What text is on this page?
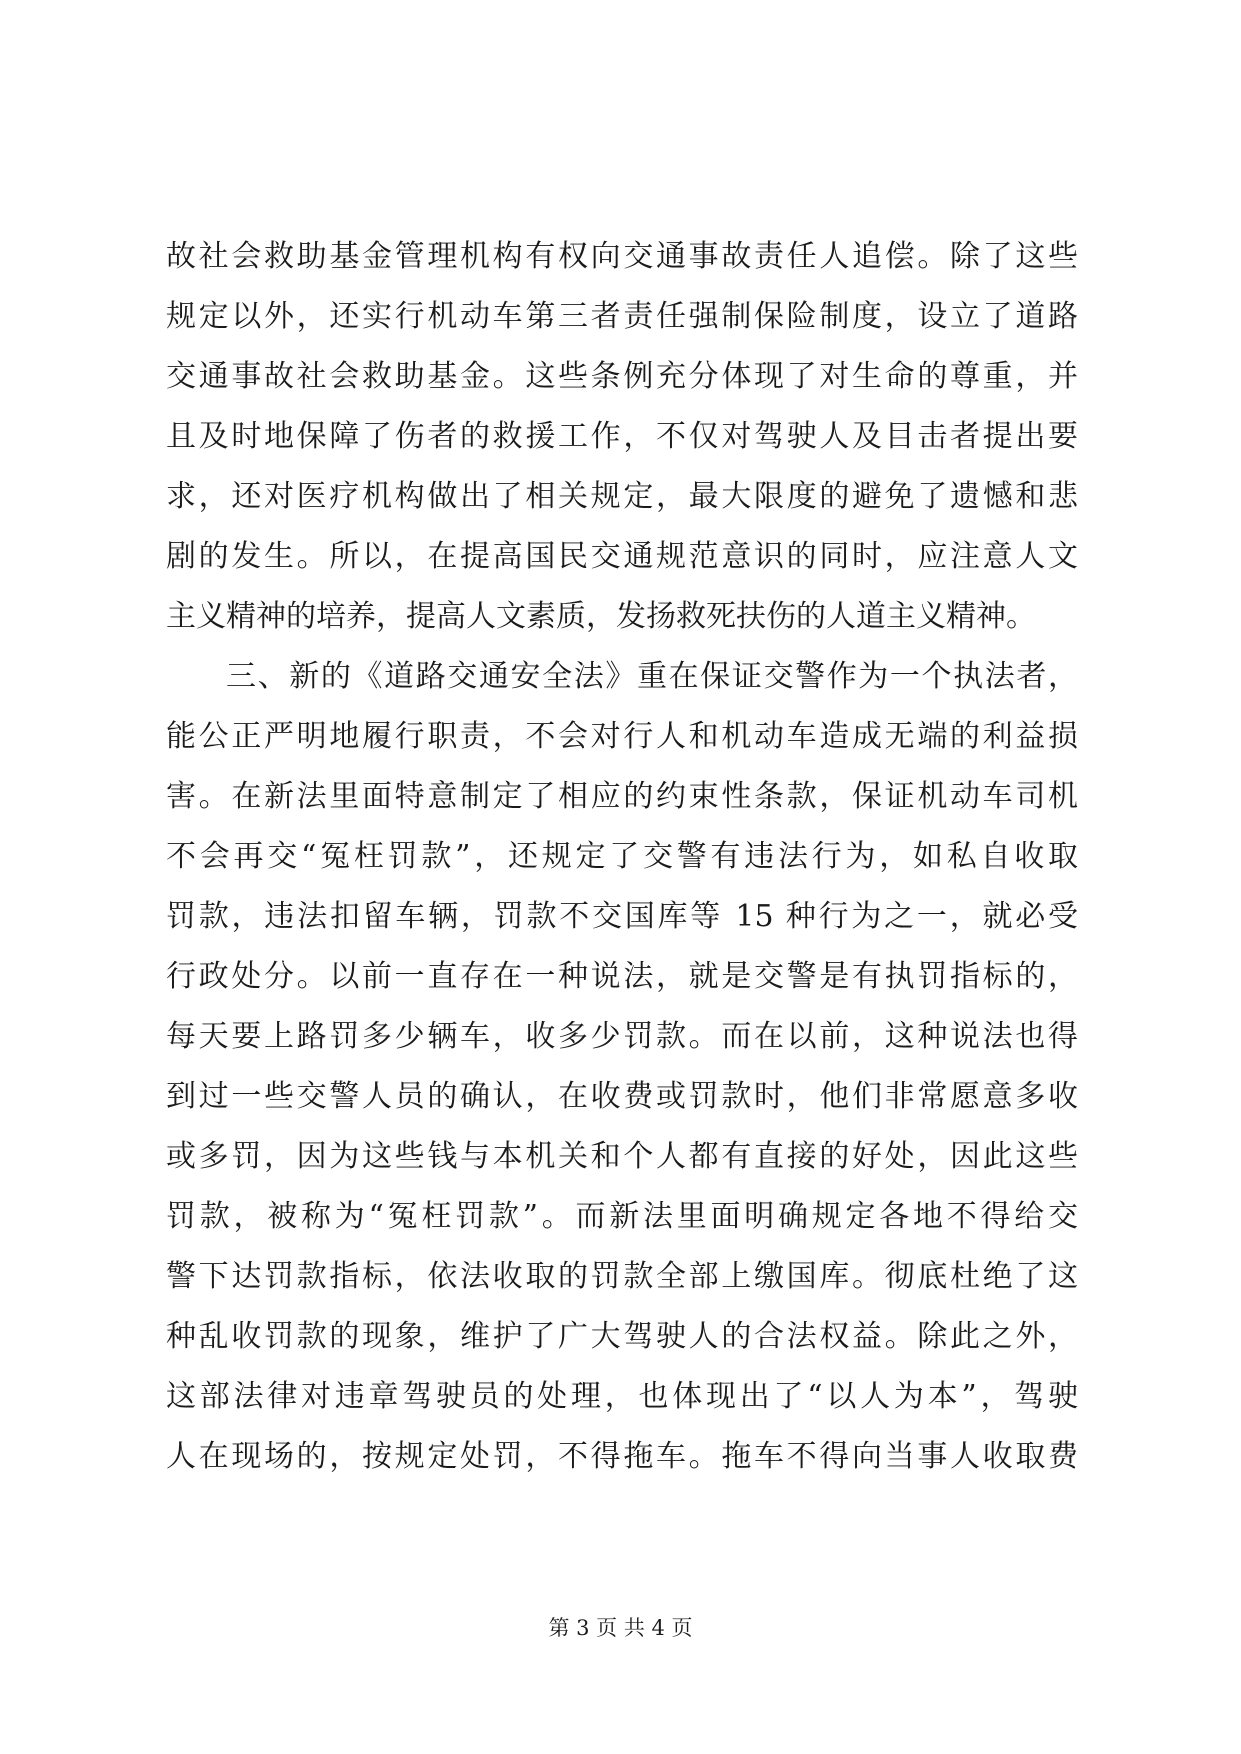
故社会救助基金管理机构有权向交通事故责任人追偿。除了这些
规定以外，还实行机动车第三者责任强制保险制度，设立了道路
交通事故社会救助基金。这些条例充分体现了对生命的尊重，并
且及时地保障了伤者的救援工作，不仅对驾驶人及目击者提出要
求，还对医疗机构做出了相关规定，最大限度的避免了遗憾和悲
剧的发生。所以，在提高国民交通规范意识的同时，应注意人文
主义精神的培养，提高人文素质，发扬救死扶伤的人道主义精神。
三、新的《道路交通安全法》重在保证交警作为一个执法者，
能公正严明地履行职责，不会对行人和机动车造成无端的利益损
害。在新法里面特意制定了相应的约束性条款，保证机动车司机
不会再交“冤枉罚款”，还规定了交警有违法行为，如私自收取
罚款，违法扣留车辆，罚款不交国库等 15 种行为之一，就必受
行政处分。以前一直存在一种说法，就是交警是有执罚指标的，
每天要上路罚多少辆车，收多少罚款。而在以前，这种说法也得
到过一些交警人员的确认，在收费或罚款时，他们非常愿意多收
或多罚，因为这些钱与本机关和个人都有直接的好处，因此这些
罚款，被称为“冤枉罚款”。而新法里面明确规定各地不得给交
警下达罚款指标，依法收取的罚款全部上缴国库。彻底杜绝了这
种乱收罚款的现象，维护了广大驾驶人的合法权益。除此之外，
这部法律对违章驾驶员的处理，也体现出了“以人为本”，驾驶
人在现场的，按规定处罚，不得拖车。拖车不得向当事人收取费
第 3 页 共 4 页
